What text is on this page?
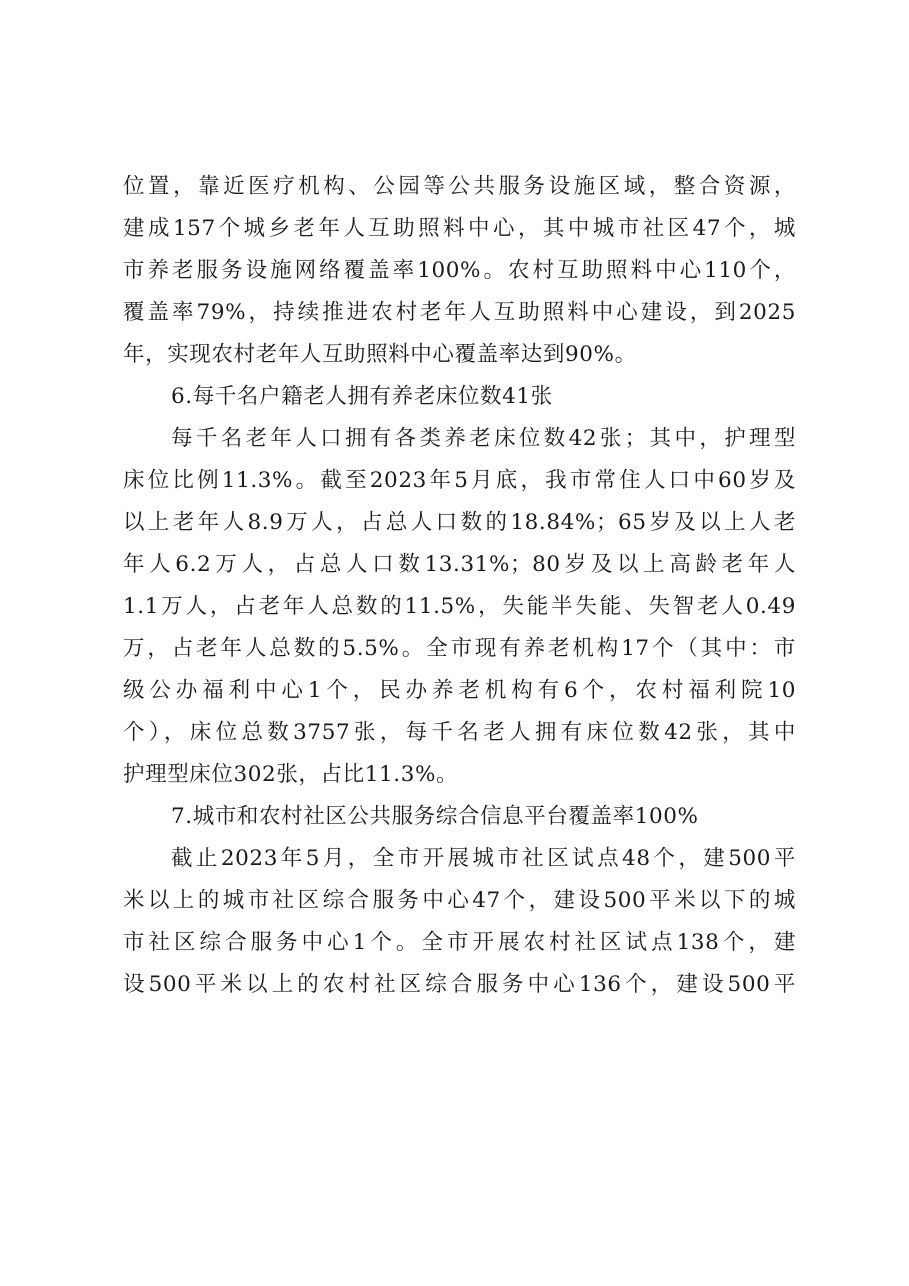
位置，靠近医疗机构、公园等公共服务设施区域，整合资源，
建成157个城乡老年人互助照料中心，其中城市社区47个，城
市养老服务设施网络覆盖率100%。农村互助照料中心110个，
覆盖率79%，持续推进农村老年人互助照料中心建设，到2025
年，实现农村老年人互助照料中心覆盖率达到90%。
6.每千名户籍老人拥有养老床位数41张
每千名老年人口拥有各类养老床位数42张；其中，护理型
床位比例11.3%。截至2023年5月底，我市常住人口中60岁及
以上老年人8.9万人，占总人口数的18.84%；65岁及以上人老
年人6.2万人，占总人口数13.31%；80岁及以上高龄老年人
1.1万人，占老年人总数的11.5%，失能半失能、失智老人0.49
万，占老年人总数的5.5%。全市现有养老机构17个（其中：市
级公办福利中心1个，民办养老机构有6个，农村福利院10
个），床位总数3757张，每千名老人拥有床位数42张，其中
护理型床位302张，占比11.3%。
7.城市和农村社区公共服务综合信息平台覆盖率100%
截止2023年5月，全市开展城市社区试点48个，建500平
米以上的城市社区综合服务中心47个，建设500平米以下的城
市社区综合服务中心1个。全市开展农村社区试点138个，建
设500平米以上的农村社区综合服务中心136个，建设500平
